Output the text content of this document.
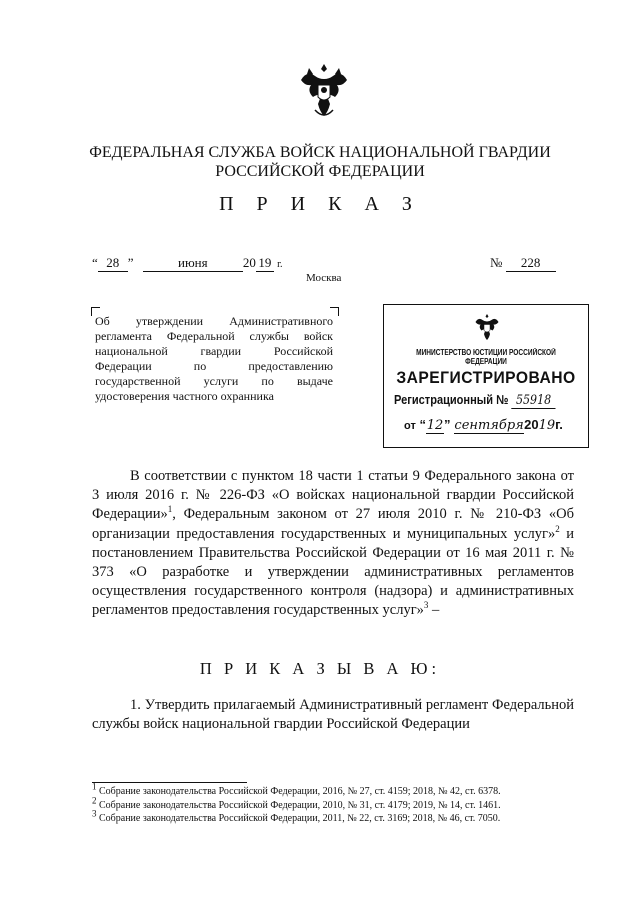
ФЕДЕРАЛЬНАЯ СЛУЖБА ВОЙСК НАЦИОНАЛЬНОЙ ГВАРДИИ
РОССИЙСКОЙ ФЕДЕРАЦИИ
П Р И К А З
“ 28 ”	июня	20 19 г.	№ 228
Москва
Об утверждении Административного регламента Федеральной службы войск национальной гвардии Российской Федерации по предоставлению государственной услуги по выдаче удостоверения частного охранника
МИНИСТЕРСТВО ЮСТИЦИИ РОССИЙСКОЙ ФЕДЕРАЦИИ
ЗАРЕГИСТРИРОВАНО
Регистрационный № 55918
от “12” сентября2019г.
В соответствии с пунктом 18 части 1 статьи 9 Федерального закона от 3 июля 2016 г. № 226-ФЗ «О войсках национальной гвардии Российской Федерации»$^1$, Федеральным законом от 27 июля 2010 г. № 210-ФЗ «Об организации предоставления государственных и муниципальных услуг»$^2$ и постановлением Правительства Российской Федерации от 16 мая 2011 г. № 373 «О разработке и утверждении административных регламентов осуществления государственного контроля (надзора) и административных регламентов предоставления государственных услуг»$^3$ –
П Р И К А З Ы В А Ю:
1. Утвердить прилагаемый Административный регламент Федеральной службы войск национальной гвардии Российской Федерации
$^1$ Собрание законодательства Российской Федерации, 2016, № 27, ст. 4159; 2018, № 42, ст. 6378.
$^2$ Собрание законодательства Российской Федерации, 2010, № 31, ст. 4179; 2019, № 14, ст. 1461.
$^3$ Собрание законодательства Российской Федерации, 2011, № 22, ст. 3169; 2018, № 46, ст. 7050.
